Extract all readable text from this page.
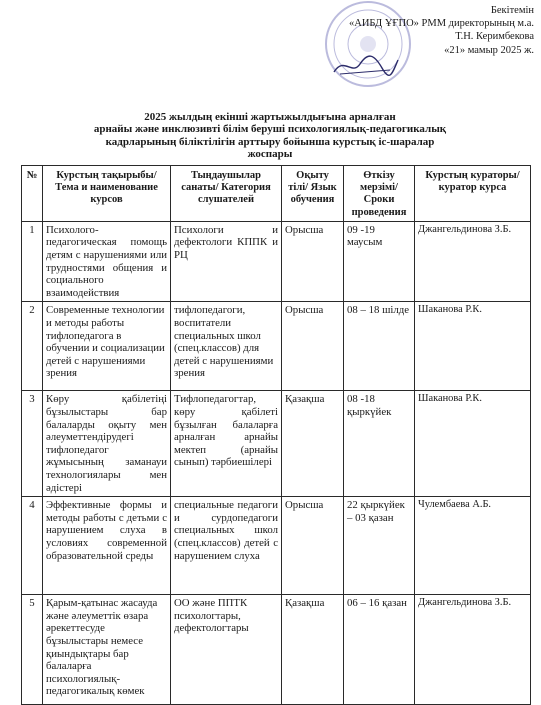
Бекітемін
«АИБД ҰҒПО» РММ директорының м.а.
Т.Н. Керимбекова
«21» мамыр 2025 ж.
2025 жылдың екінші жартыжылдығына арналған
арнайы және инклюзивті білім беруші психологиялық-педагогикалық
кадрларының біліктілігін арттыру бойынша курстық іс-шаралар
жоспары
№	Курстың тақырыбы/ Тема и наименование курсов	Тыңдаушылар санаты/ Категория слушателей	Оқыту тілі/ Язык обучения	Өткізу мерзімі/ Сроки проведения	Курстың кураторы/куратор курса
1	Психолого-педагогическая помощь детям с нарушениями или трудностями общения и социального взаимодействия	Психологи и дефектологи КППК и РЦ	Орысша	09 -19 маусым	Джангельдинова З.Б.
2	Современные технологии и методы работы тифлопедагога в обучении и социализации детей с нарушениями зрения	тифлопедагоги, воспитатели специальных школ (спец.классов) для детей с нарушениями зрения	Орысша	08 – 18 шілде	Шаканова Р.К.
3	Көру қабілетіңі бұзылыстары бар балаларды оқыту мен әлеуметтендірудегі тифлопедагог жұмысының заманауи технологиялары мен әдістері	Тифлопедагогтар, көру қабілеті бұзылған балаларға арналған арнайы мектеп (арнайы сынып) тәрбиешілері	Қазақша	08 -18 қыркүйек	Шаканова Р.К.
4	Эффективные формы и методы работы с детьми с нарушением слуха в условиях современной образовательной среды	специальные педагоги и сурдопедагоги специальных школ (спец.классов) детей с нарушением слуха	Орысша	22 қыркүйек – 03 қазан	Чулембаева А.Б.
5	Қарым-қатынас жасауда және әлеуметтік өзара әрекеттесуде бұзылыстары немесе қиындықтары бар балаларға психологиялық-педагогикалық көмек	ОО және ППТК психологтары, дефектологтары	Қазақша	06 – 16 қазан	Джангельдинова З.Б.
